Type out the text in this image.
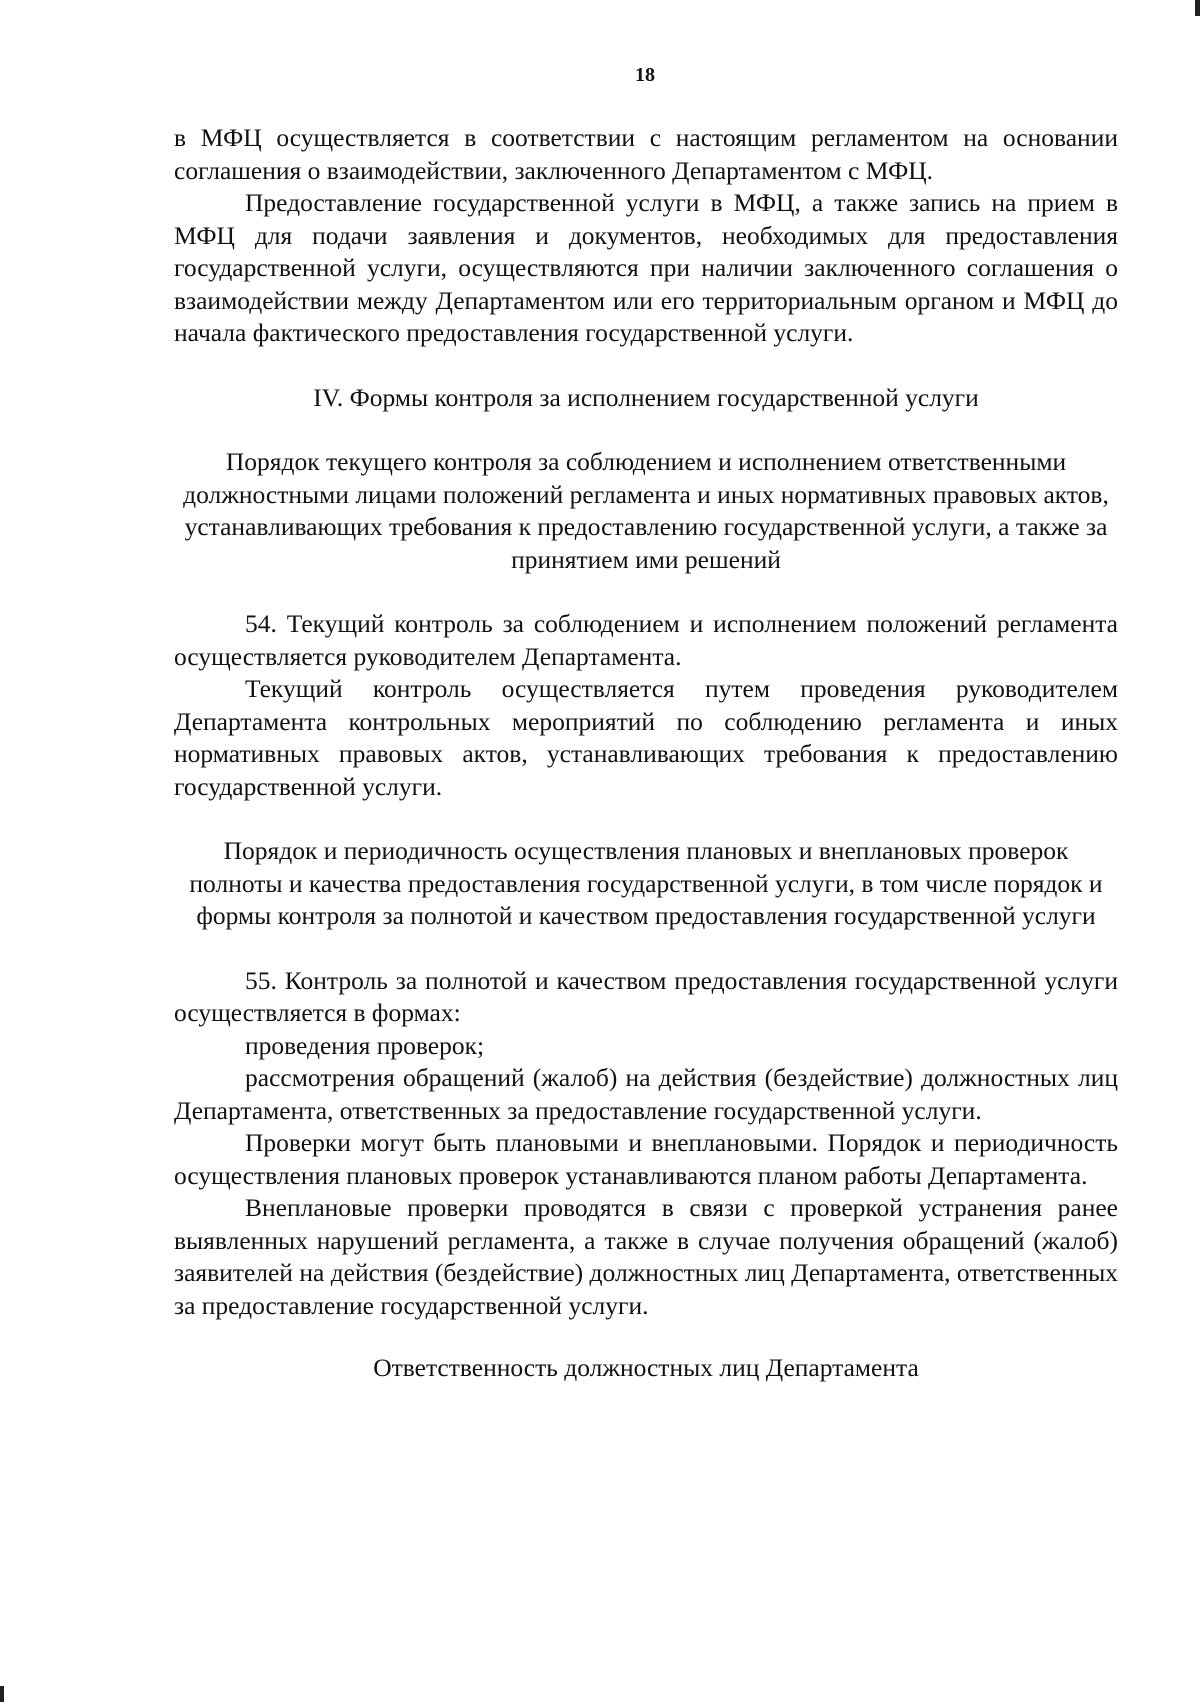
18

в МФЦ осуществляется в соответствии с настоящим регламентом на основании соглашения о взаимодействии, заключенного Департаментом с МФЦ.

Предоставление государственной услуги в МФЦ, а также запись на прием в МФЦ для подачи заявления и документов, необходимых для предоставления государственной услуги, осуществляются при наличии заключенного соглашения о взаимодействии между Департаментом или его территориальным органом и МФЦ до начала фактического предоставления государственной услуги.

IV. Формы контроля за исполнением государственной услуги

Порядок текущего контроля за соблюдением и исполнением ответственными должностными лицами положений регламента и иных нормативных правовых актов, устанавливающих требования к предоставлению государственной услуги, а также за принятием ими решений

54. Текущий контроль за соблюдением и исполнением положений регламента осуществляется руководителем Департамента.

Текущий контроль осуществляется путем проведения руководителем Департамента контрольных мероприятий по соблюдению регламента и иных нормативных правовых актов, устанавливающих требования к предоставлению государственной услуги.

Порядок и периодичность осуществления плановых и внеплановых проверок полноты и качества предоставления государственной услуги, в том числе порядок и формы контроля за полнотой и качеством предоставления государственной услуги

55. Контроль за полнотой и качеством предоставления государственной услуги осуществляется в формах:

проведения проверок;

рассмотрения обращений (жалоб) на действия (бездействие) должностных лиц Департамента, ответственных за предоставление государственной услуги.

Проверки могут быть плановыми и внеплановыми. Порядок и периодичность осуществления плановых проверок устанавливаются планом работы Департамента.

Внеплановые проверки проводятся в связи с проверкой устранения ранее выявленных нарушений регламента, а также в случае получения обращений (жалоб) заявителей на действия (бездействие) должностных лиц Департамента, ответственных за предоставление государственной услуги.

Ответственность должностных лиц Департамента
